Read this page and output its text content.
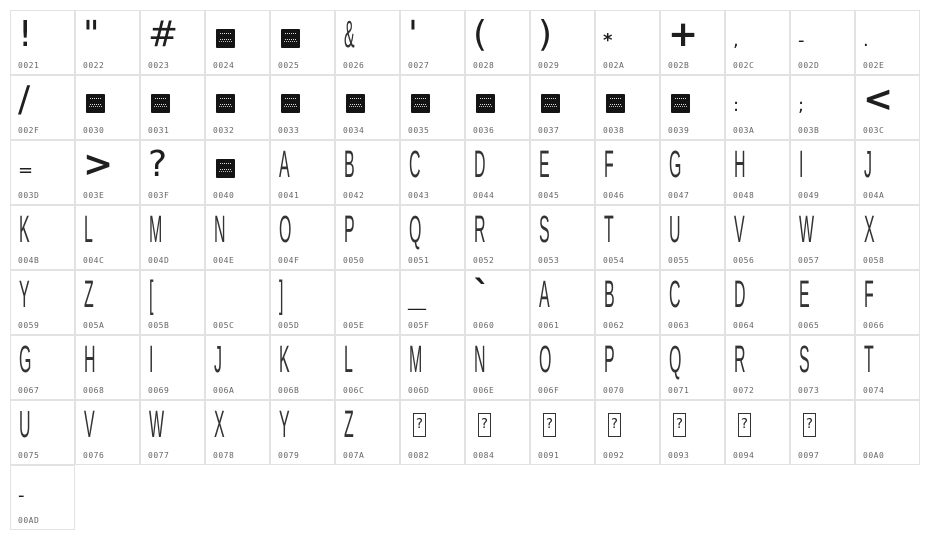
!
0021
"
0022
#
0023	0024	0025
&
0026
'
0027
(
0028
)
0029
*
002A
+
002B
,
002C
-
002D
.
002E
/
002F	0030	0031	0032	0033	0034	0035	0036	0037	0038	0039
:
003A
;
003B
<
003C
=
003D
>
003E
?
003F	0040
A
0041
B
0042
C
0043
D
0044
E
0045
F
0046
G
0047
H
0048
I
0049
J
004A
K
004B
L
004C
M
004D
N
004E
O
004F
P
0050
Q
0051
R
0052
S
0053
T
0054
U
0055
V
0056
W
0057
X
0058
Y
0059
Z
005A
[
005B	005C
]
005D	005E
__
005F
`
0060
A
0061
B
0062
C
0063
D
0064
E
0065
F
0066
G
0067
H
0068
I
0069
J
006A
K
006B
L
006C
M
006D
N
006E
O
006F
P
0070
Q
0071
R
0072
S
0073
T
0074
U
0075
V
0076
W
0077
X
0078
Y
0079
Z
007A
?
0082
?
0084
?
0091
?
0092
?
0093
?
0094
?
0097	00A0
-
00AD
